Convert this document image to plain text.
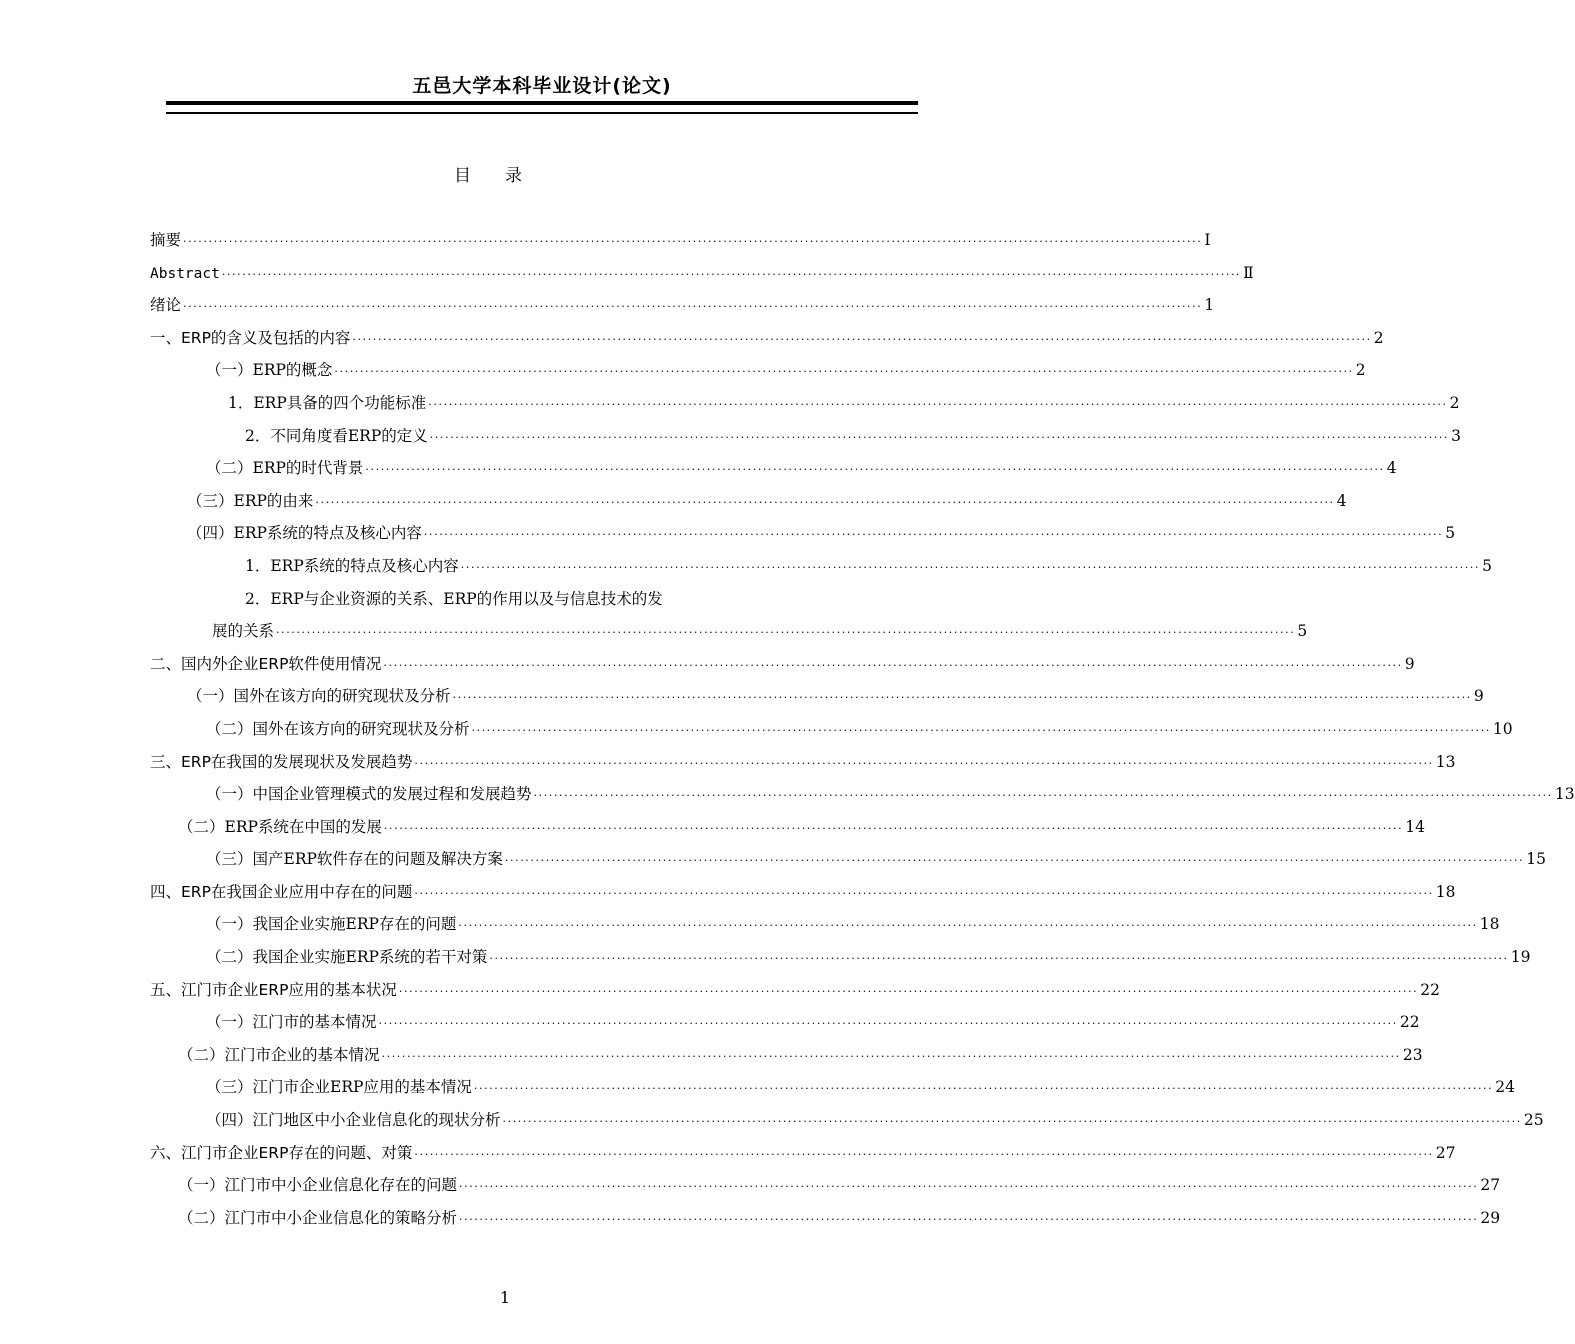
五邑大学本科毕业设计(论文)
目录
摘要 ········································································································································································································ I
Abstract ········································································································································································································ Ⅱ
绪论 ········································································································································································································ 1
一、ERP的含义及包括的内容 ········································································································································································································ 2
（一）ERP的概念 ········································································································································································································ 2
1．ERP具备的四个功能标准 ········································································································································································································ 2
2．不同角度看ERP的定义 ········································································································································································································ 3
（二）ERP的时代背景 ········································································································································································································ 4
（三）ERP的由来 ········································································································································································································ 4
（四）ERP系统的特点及核心内容 ········································································································································································································ 5
1．ERP系统的特点及核心内容 ········································································································································································································ 5
2．ERP与企业资源的关系、ERP的作用以及与信息技术的发
展的关系 ········································································································································································································ 5
二、国内外企业ERP软件使用情况 ········································································································································································································ 9
（一）国外在该方向的研究现状及分析 ········································································································································································································ 9
（二）国外在该方向的研究现状及分析 ········································································································································································································ 10
三、ERP在我国的发展现状及发展趋势 ········································································································································································································ 13
（一）中国企业管理模式的发展过程和发展趋势 ········································································································································································································ 13
（二）ERP系统在中国的发展 ········································································································································································································ 14
（三）国产ERP软件存在的问题及解决方案 ········································································································································································································ 15
四、ERP在我国企业应用中存在的问题 ········································································································································································································ 18
（一）我国企业实施ERP存在的问题 ········································································································································································································ 18
（二）我国企业实施ERP系统的若干对策 ········································································································································································································ 19
五、江门市企业ERP应用的基本状况 ········································································································································································································ 22
（一）江门市的基本情况 ········································································································································································································ 22
（二）江门市企业的基本情况 ········································································································································································································ 23
（三）江门市企业ERP应用的基本情况 ········································································································································································································ 24
（四）江门地区中小企业信息化的现状分析 ········································································································································································································ 25
六、江门市企业ERP存在的问题、对策 ········································································································································································································ 27
（一）江门市中小企业信息化存在的问题 ········································································································································································································ 27
（二）江门市中小企业信息化的策略分析 ········································································································································································································ 29
1
